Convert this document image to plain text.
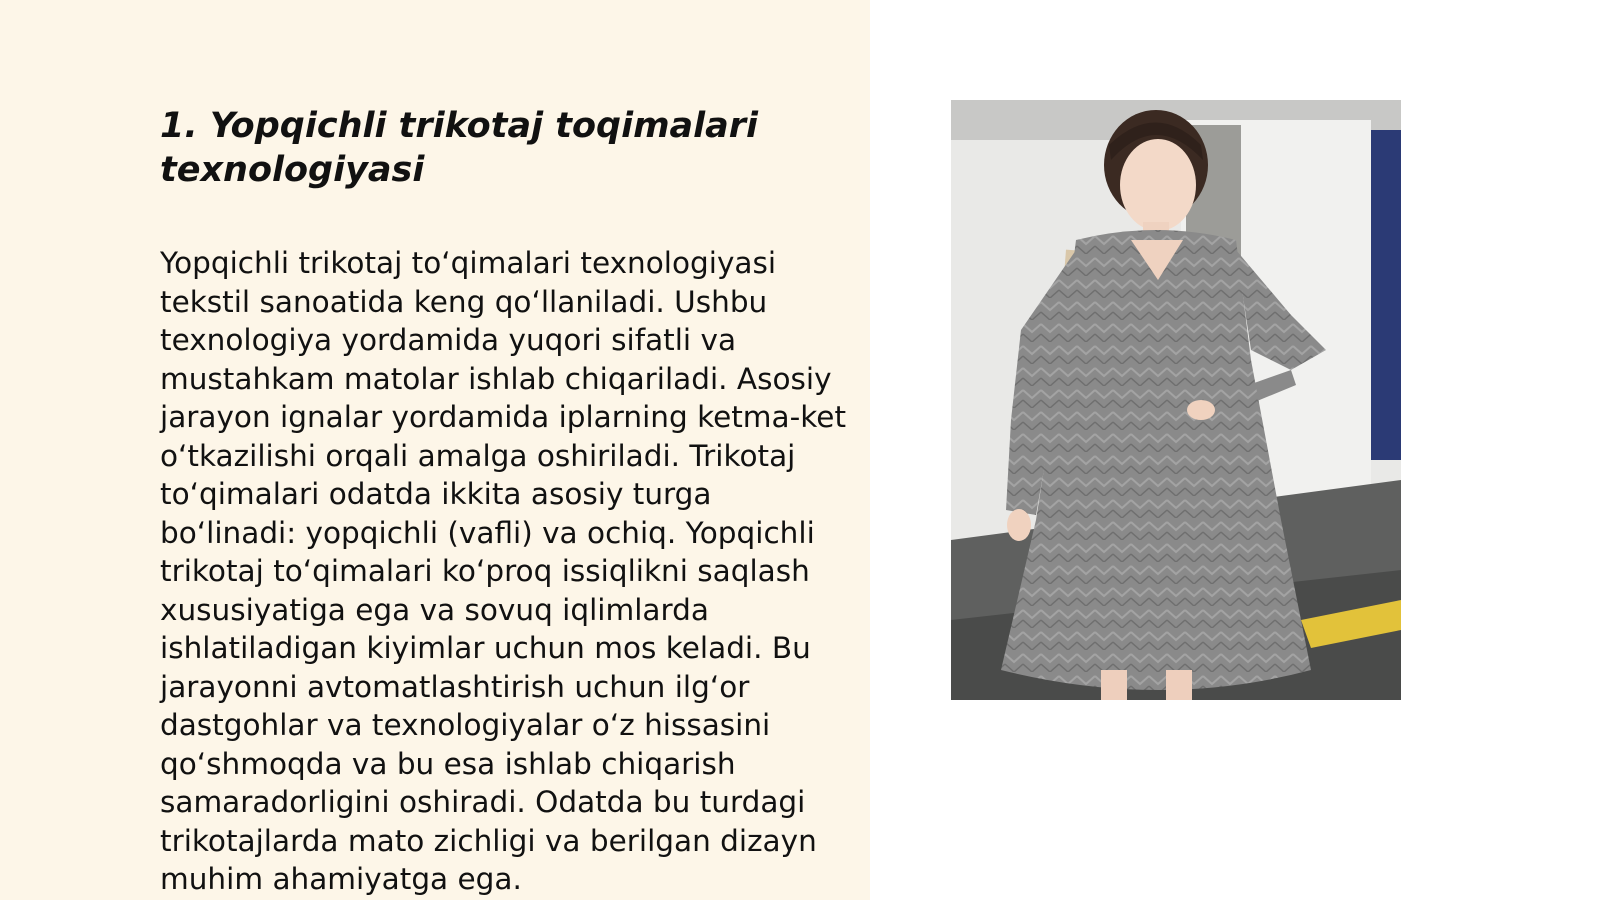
1. Yopqichli trikotaj toqimalari texnologiyasi

Yopqichli trikotaj to‘qimalari texnologiyasi tekstil sanoatida keng qo‘llaniladi. Ushbu texnologiya yordamida yuqori sifatli va mustahkam matolar ishlab chiqariladi. Asosiy jarayon ignalar yordamida iplarning ketma-ket o‘tkazilishi orqali amalga oshiriladi. Trikotaj to‘qimalari odatda ikkita asosiy turga bo‘linadi: yopqichli (vafli) va ochiq. Yopqichli trikotaj to‘qimalari ko‘proq issiqlikni saqlash xususiyatiga ega va sovuq iqlimlarda ishlatiladigan kiyimlar uchun mos keladi. Bu jarayonni avtomatlashtirish uchun ilg‘or dastgohlar va texnologiyalar o‘z hissasini qo‘shmoqda va bu esa ishlab chiqarish samaradorligini oshiradi. Odatda bu turdagi trikotajlarda mato zichligi va berilgan dizayn muhim ahamiyatga ega.
